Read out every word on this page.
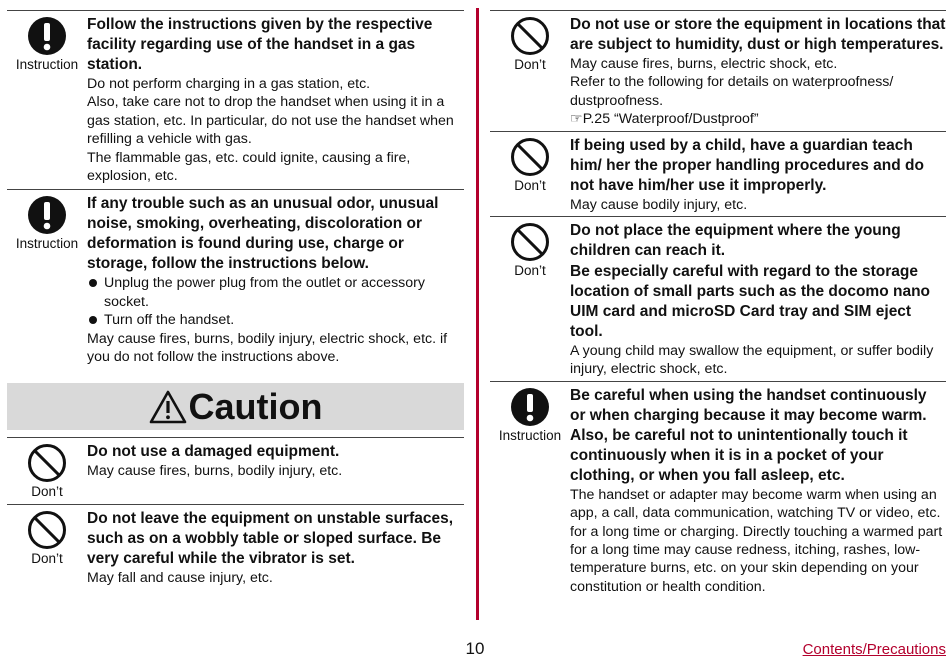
Instruction

Follow the instructions given by the respective facility regarding use of the handset in a gas station.

Do not perform charging in a gas station, etc.

Also, take care not to drop the handset when using it in a gas station, etc. In particular, do not use the handset when refilling a vehicle with gas.

The flammable gas, etc. could ignite, causing a fire, explosion, etc.

Instruction

If any trouble such as an unusual odor, unusual noise, smoking, overheating, discoloration or deformation is found during use, charge or storage, follow the instructions below.

Unplug the power plug from the outlet or accessory socket.

Turn off the handset.

May cause fires, burns, bodily injury, electric shock, etc. if you do not follow the instructions above.

Caution
Don’t

Do not use a damaged equipment.

May cause fires, burns, bodily injury, etc.

Don’t

Do not leave the equipment on unstable surfaces, such as on a wobbly table or sloped surface. Be very careful while the vibrator is set.

May fall and cause injury, etc.

Don’t

Do not use or store the equipment in locations that are subject to humidity, dust or high temperatures.

May cause fires, burns, electric shock, etc.

Refer to the following for details on waterproofness/ dustproofness.

☞P.25 “Waterproof/Dustproof”

Don’t

If being used by a child, have a guardian teach him/ her the proper handling procedures and do not have him/her use it improperly.

May cause bodily injury, etc.

Don’t

Do not place the equipment where the young children can reach it.

Be especially careful with regard to the storage location of small parts such as the docomo nano UIM card and microSD Card tray and SIM eject tool.

A young child may swallow the equipment, or suffer bodily injury, electric shock, etc.

Instruction

Be careful when using the handset continuously or when charging because it may become warm. Also, be careful not to unintentionally touch it continuously when it is in a pocket of your clothing, or when you fall asleep, etc.

The handset or adapter may become warm when using an app, a call, data communication, watching TV or video, etc. for a long time or charging. Directly touching a warmed part for a long time may cause redness, itching, rashes, low-temperature burns, etc. on your skin depending on your constitution or health condition.

10	Contents/Precautions
